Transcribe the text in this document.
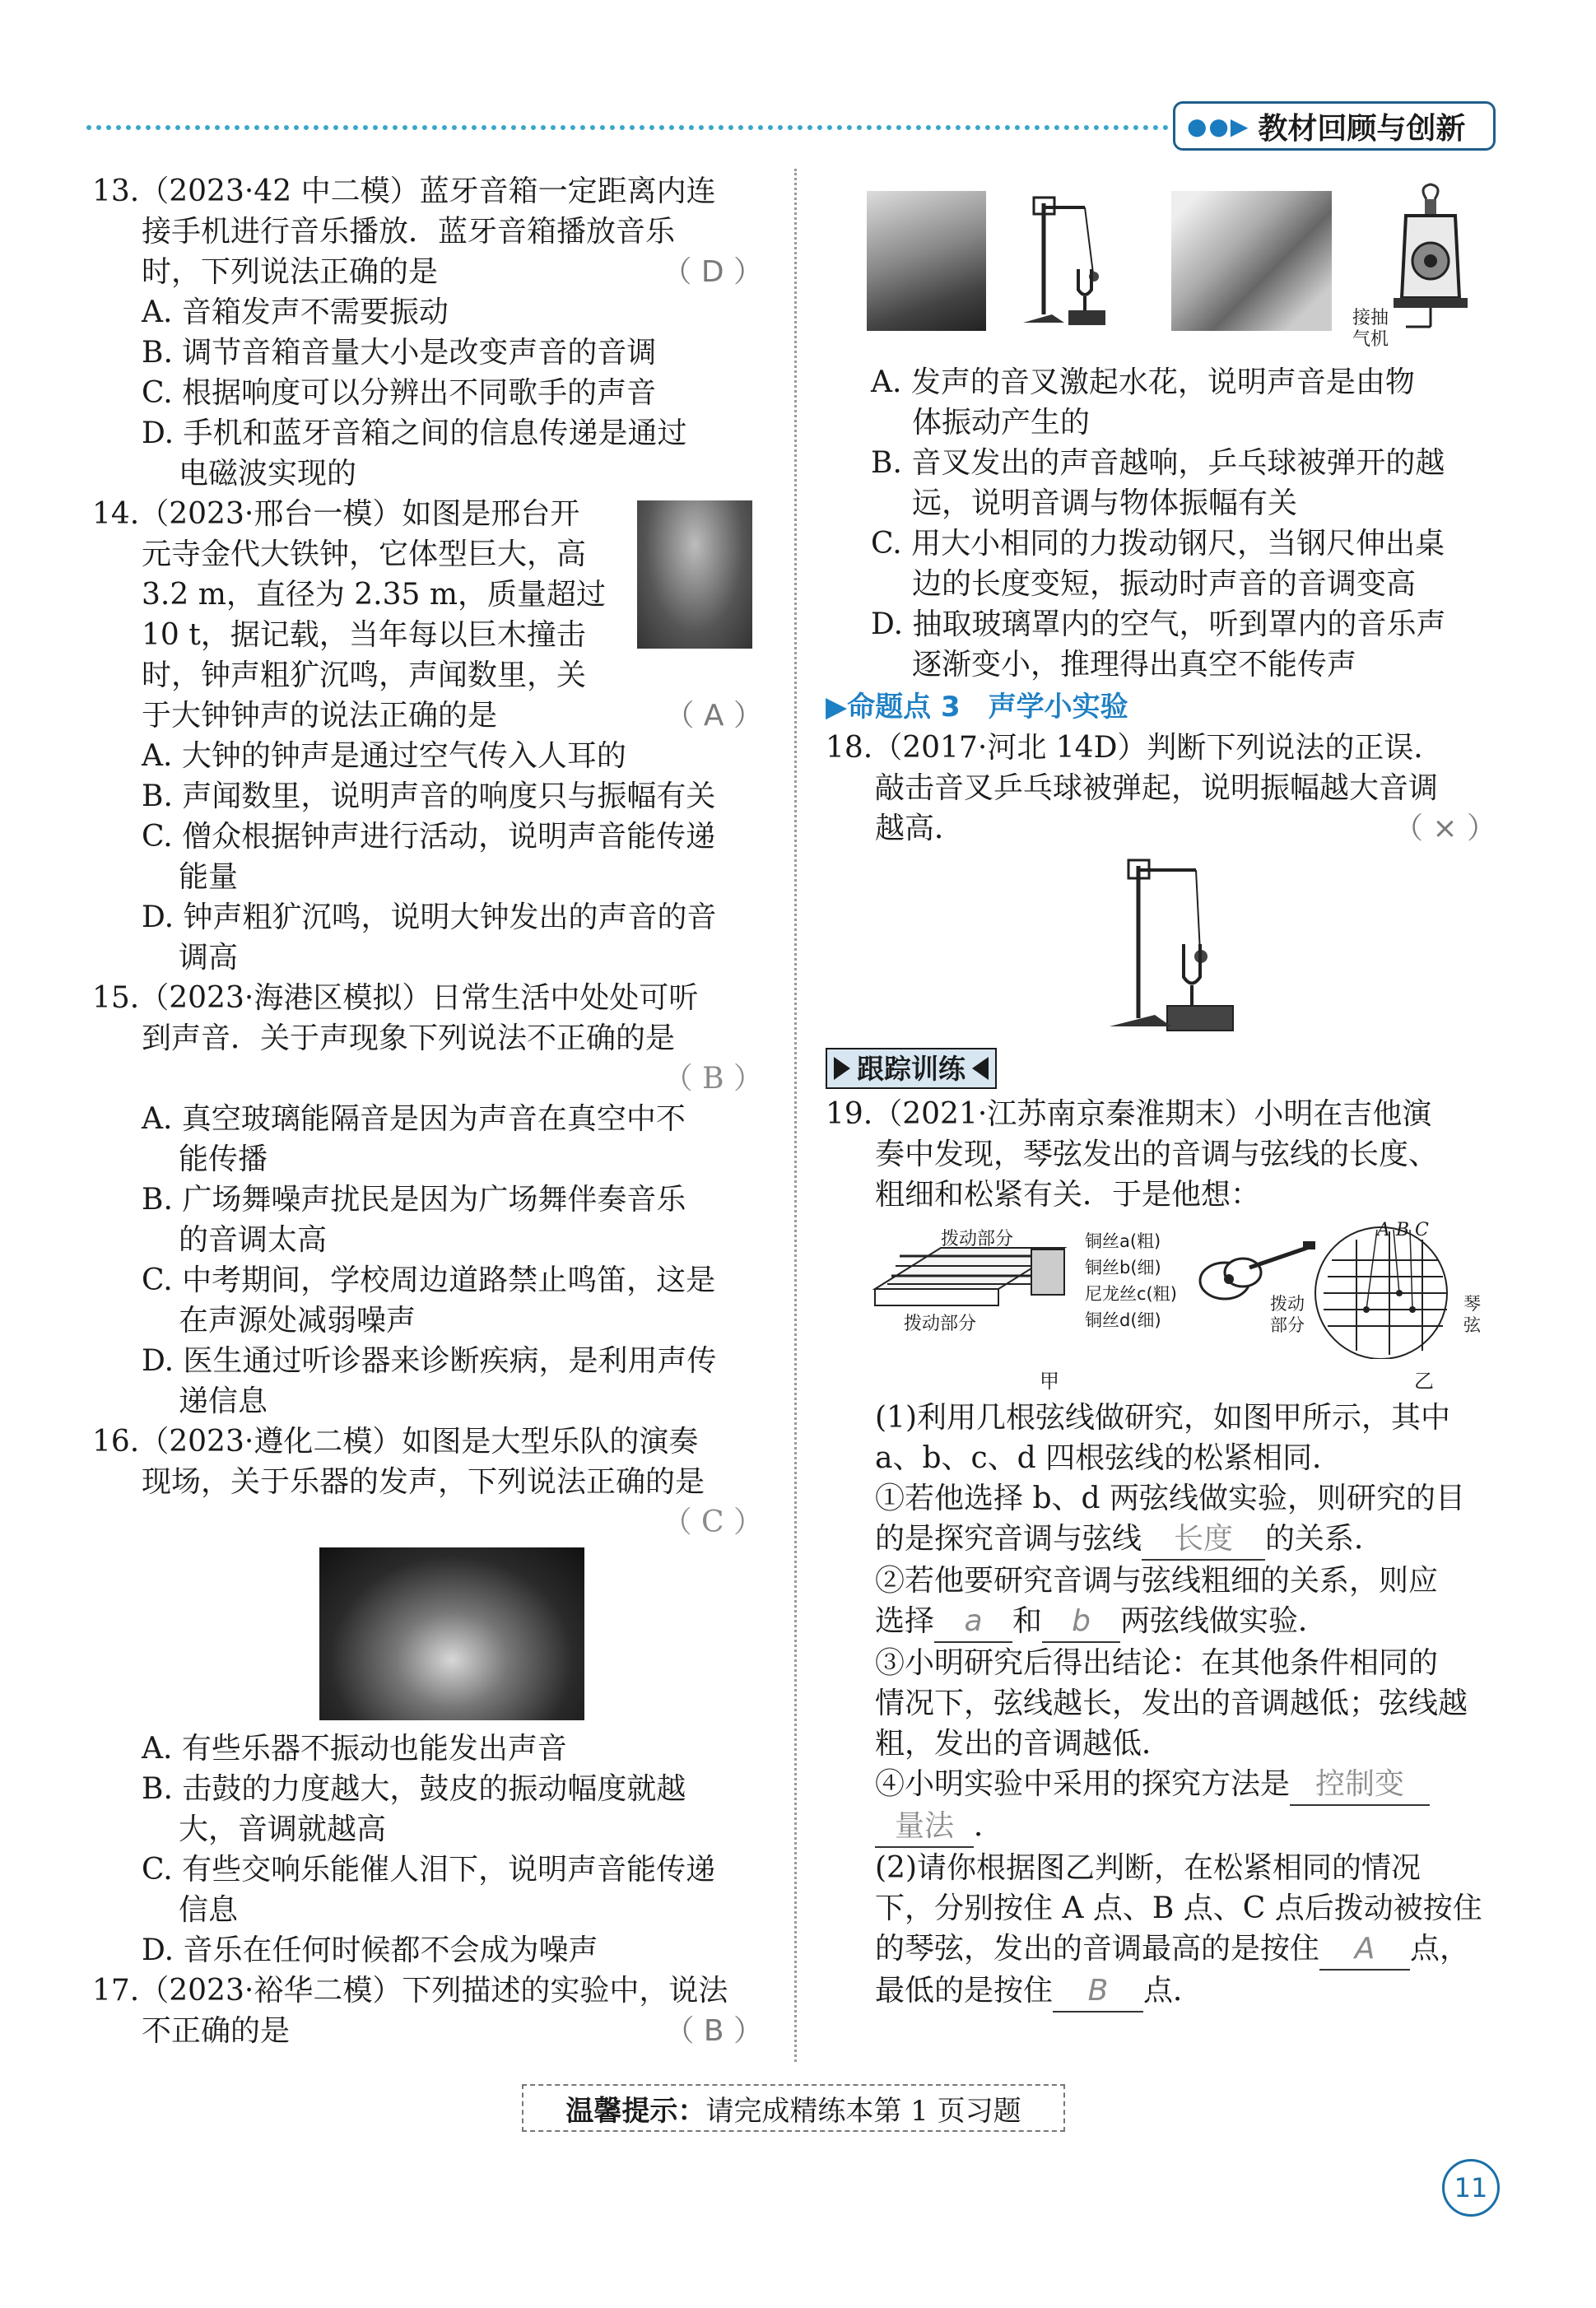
●●▶ 教材回顾与创新
13.（2023·42 中二模）蓝牙音箱一定距离内连
接手机进行音乐播放．蓝牙音箱播放音乐
时，下列说法正确的是	（ D ）
A. 音箱发声不需要振动
B. 调节音箱音量大小是改变声音的音调
C. 根据响度可以分辨出不同歌手的声音
D. 手机和蓝牙音箱之间的信息传递是通过
电磁波实现的
14.（2023·邢台一模）如图是邢台开
元寺金代大铁钟，它体型巨大，高
3.2 m，直径为 2.35 m，质量超过
10 t，据记载，当年每以巨木撞击
时，钟声粗犷沉鸣，声闻数里，关
于大钟钟声的说法正确的是	（ A ）
A. 大钟的钟声是通过空气传入人耳的
B. 声闻数里，说明声音的响度只与振幅有关
C. 僧众根据钟声进行活动，说明声音能传递
能量
D. 钟声粗犷沉鸣，说明大钟发出的声音的音
调高
15.（2023·海港区模拟）日常生活中处处可听
到声音．关于声现象下列说法不正确的是
（ B ）
A. 真空玻璃能隔音是因为声音在真空中不
能传播
B. 广场舞噪声扰民是因为广场舞伴奏音乐
的音调太高
C. 中考期间，学校周边道路禁止鸣笛，这是
在声源处减弱噪声
D. 医生通过听诊器来诊断疾病，是利用声传
递信息
16.（2023·遵化二模）如图是大型乐队的演奏
现场，关于乐器的发声，下列说法正确的是
（ C ）
A. 有些乐器不振动也能发出声音
B. 击鼓的力度越大，鼓皮的振动幅度就越
大，音调就越高
C. 有些交响乐能催人泪下，说明声音能传递
信息
D. 音乐在任何时候都不会成为噪声
17.（2023·裕华二模）下列描述的实验中，说法
不正确的是	（ B ）
接抽
气机
A. 发声的音叉激起水花，说明声音是由物
体振动产生的
B. 音叉发出的声音越响，乒乓球被弹开的越
远，说明音调与物体振幅有关
C. 用大小相同的力拨动钢尺，当钢尺伸出桌
边的长度变短，振动时声音的音调变高
D. 抽取玻璃罩内的空气，听到罩内的音乐声
逐渐变小，推理得出真空不能传声
▶命题点 3　 声学小实验
18.（2017·河北 14D）判断下列说法的正误．
敲击音叉乒乓球被弹起，说明振幅越大音调
越高．	（ × ）
跟踪训练
19.（2021·江苏南京秦淮期末）小明在吉他演
奏中发现，琴弦发出的音调与弦线的长度、
粗细和松紧有关．于是他想：
拨动部分
拨动部分
铜丝a(粗)
铜丝b(细)
尼龙丝c(粗)
铜丝d(细)
甲
A B C
拨动
部分
琴
弦
乙
(1)利用几根弦线做研究，如图甲所示，其中
a、b、c、d 四根弦线的松紧相同．
①若他选择 b、d 两弦线做实验，则研究的目
的是探究音调与弦线 长度 的关系．
②若他要研究音调与弦线粗细的关系，则应
选择 a 和 b 两弦线做实验．
③小明研究后得出结论：在其他条件相同的
情况下，弦线越长，发出的音调越低；弦线越
粗，发出的音调越低．
④小明实验中采用的探究方法是 控制变
量法 ．
(2)请你根据图乙判断，在松紧相同的情况
下，分别按住 A 点、B 点、C 点后拨动被按住
的琴弦，发出的音调最高的是按住 A 点，
最低的是按住 B 点．
温馨提示： 请完成精练本第 1 页习题
11
